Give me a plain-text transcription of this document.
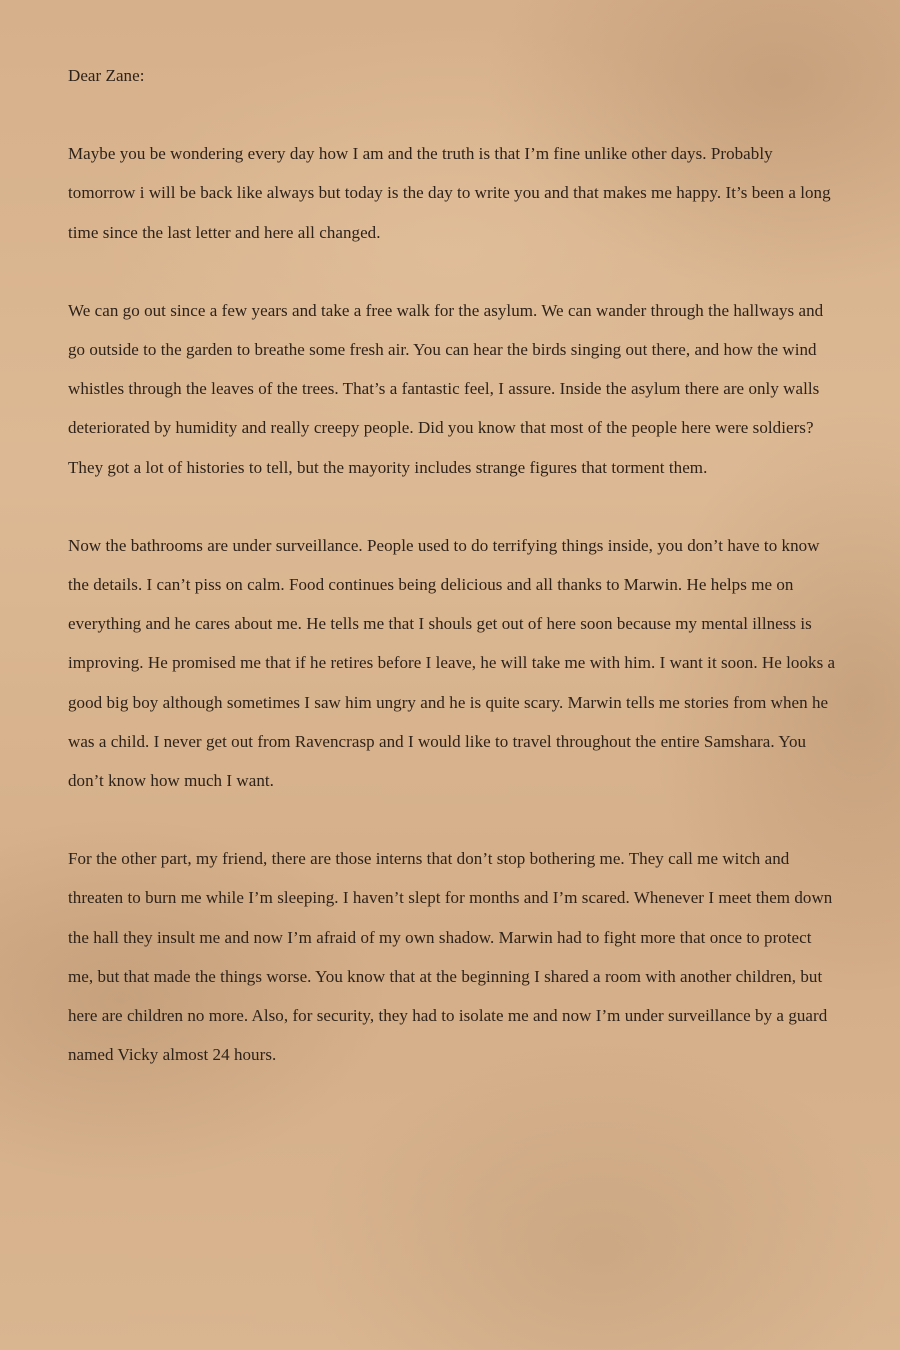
Dear Zane:

Maybe you be wondering every day how I am and the truth is that I’m fine unlike other days. Probably tomorrow i will be back like always but today is the day to write you and that makes me happy. It’s been a long time since the last letter and here all changed.

We can go out since a few years and take a free walk for the asylum. We can wander through the hallways and go outside to the garden to breathe some fresh air. You can hear the birds singing out there, and how the wind whistles through the leaves of the trees. That’s a fantastic feel, I assure. Inside the asylum there are only walls deteriorated by humidity and really creepy people. Did you know that most of the people here were soldiers? They got a lot of histories to tell, but the mayority includes strange figures that torment them.

Now the bathrooms are under surveillance. People used to do terrifying things inside, you don’t have to know the details. I can’t piss on calm. Food continues being delicious and all thanks to Marwin. He helps me on everything and he cares about me. He tells me that I shouls get out of here soon because my mental illness is improving. He promised me that if he retires before I leave, he will take me with him. I want it soon. He looks a good big boy although sometimes I saw him ungry and he is quite scary. Marwin tells me stories from when he was a child. I never get out from Ravencrasp and I would like to travel throughout the entire Samshara. You don’t know how much I want.

For the other part, my friend, there are those interns that don’t stop bothering me. They call me witch and threaten to burn me while I’m sleeping. I haven’t slept for months and I’m scared. Whenever I meet them down the hall they insult me and now I’m afraid of my own shadow. Marwin had to fight more that once to protect me, but that made the things worse. You know that at the beginning I shared a room with another children, but here are children no more. Also, for security, they had to isolate me and now I’m under surveillance by a guard named Vicky almost 24 hours.
